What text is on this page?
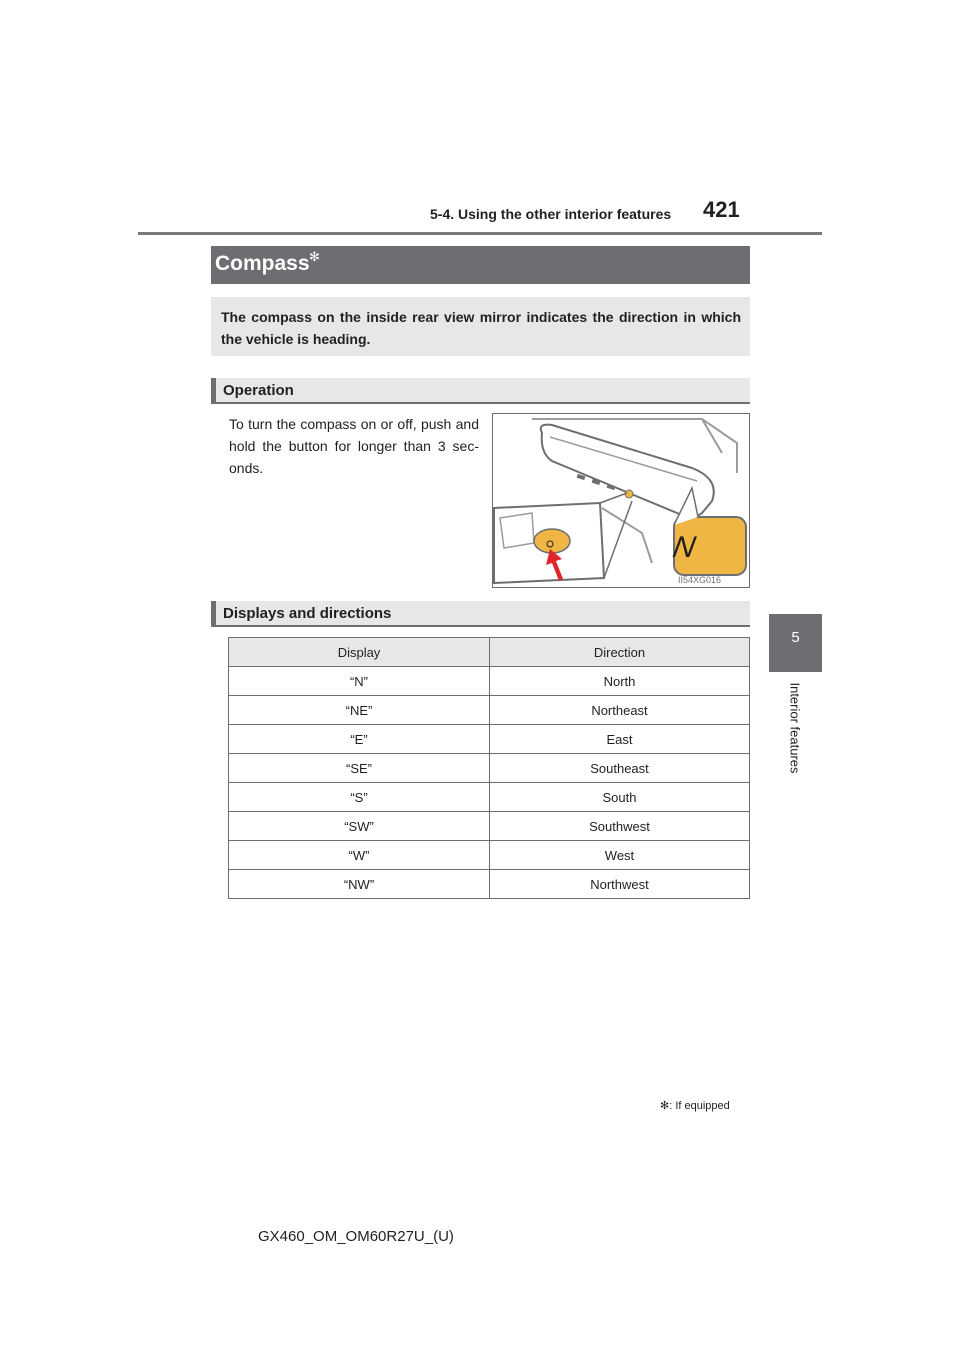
5-4. Using the other interior features 421
5
Interior features
Compass ✻
The compass on the inside rear view mirror indicates the direction in which the vehicle is heading.
Operation
To turn the compass on or off, push and hold the button for longer than 3 sec- onds.
N
II54XG016
Displays and directions
Display	Direction
“N”	North
“NE”	Northeast
“E”	East
“SE”	Southeast
“S”	South
“SW”	Southwest
“W”	West
“NW”	Northwest
✻: If equipped
GX460_OM_OM60R27U_(U)
